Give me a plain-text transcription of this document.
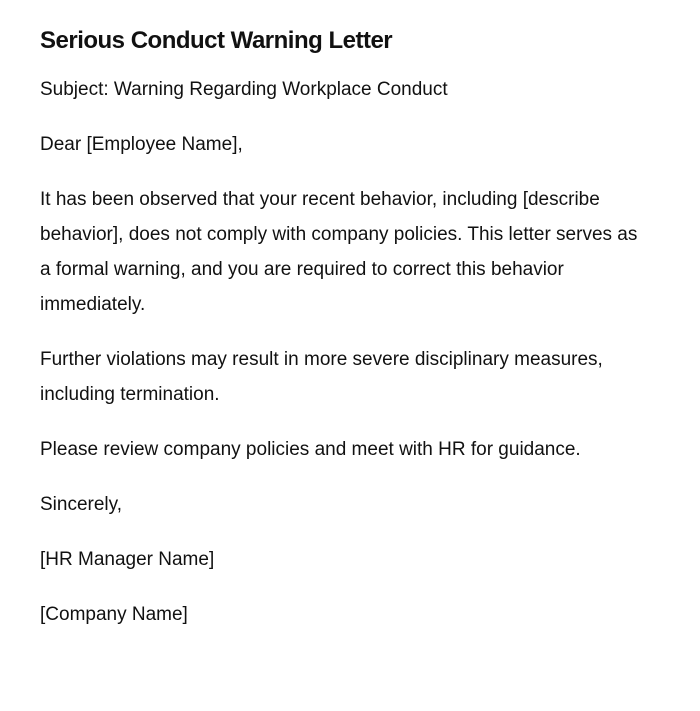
Serious Conduct Warning Letter

Subject: Warning Regarding Workplace Conduct

Dear [Employee Name],

It has been observed that your recent behavior, including [describe behavior], does not comply with company policies. This letter serves as a formal warning, and you are required to correct this behavior immediately.

Further violations may result in more severe disciplinary measures, including termination.

Please review company policies and meet with HR for guidance.

Sincerely,

[HR Manager Name]

[Company Name]
